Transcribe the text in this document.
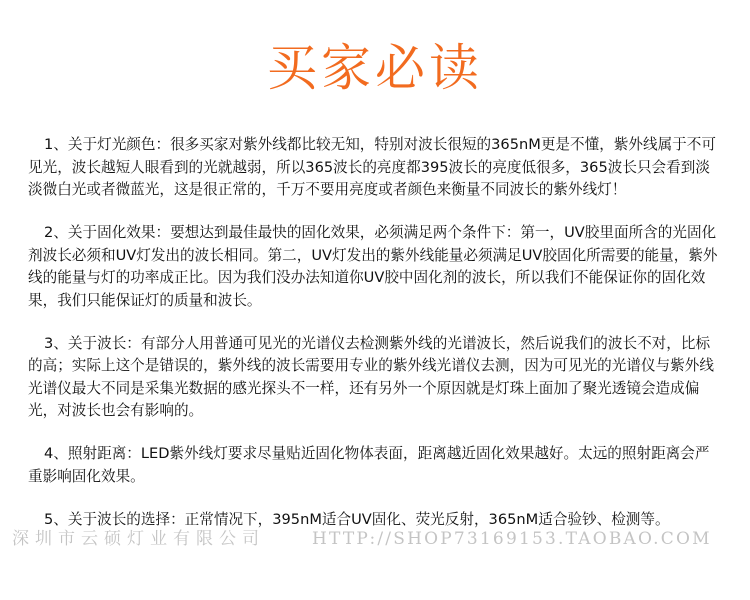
买家必读

1、关于灯光颜色：很多买家对紫外线都比较无知，特别对波长很短的365nM更是不懂，紫外线属于不可见光，波长越短人眼看到的光就越弱，所以365波长的亮度都395波长的亮度低很多，365波长只会看到淡淡微白光或者微蓝光，这是很正常的，千万不要用亮度或者颜色来衡量不同波长的紫外线灯！

2、关于固化效果：要想达到最佳最快的固化效果，必须满足两个条件下：第一，UV胶里面所含的光固化剂波长必须和UV灯发出的波长相同。第二，UV灯发出的紫外线能量必须满足UV胶固化所需要的能量，紫外线的能量与灯的功率成正比。因为我们没办法知道你UV胶中固化剂的波长，所以我们不能保证你的固化效果，我们只能保证灯的质量和波长。

3、关于波长：有部分人用普通可见光的光谱仪去检测紫外线的光谱波长，然后说我们的波长不对，比标的高；实际上这个是错误的，紫外线的波长需要用专业的紫外线光谱仪去测，因为可见光的光谱仪与紫外线光谱仪最大不同是采集光数据的感光探头不一样，还有另外一个原因就是灯珠上面加了聚光透镜会造成偏光，对波长也会有影响的。

4、照射距离：LED紫外线灯要求尽量贴近固化物体表面，距离越近固化效果越好。太远的照射距离会严重影响固化效果。

5、关于波长的选择：正常情况下，395nM适合UV固化、荧光反射，365nM适合验钞、检测等。

深圳市云硕灯业有限公司	HTTP://SHOP73169153.TAOBAO.COM
